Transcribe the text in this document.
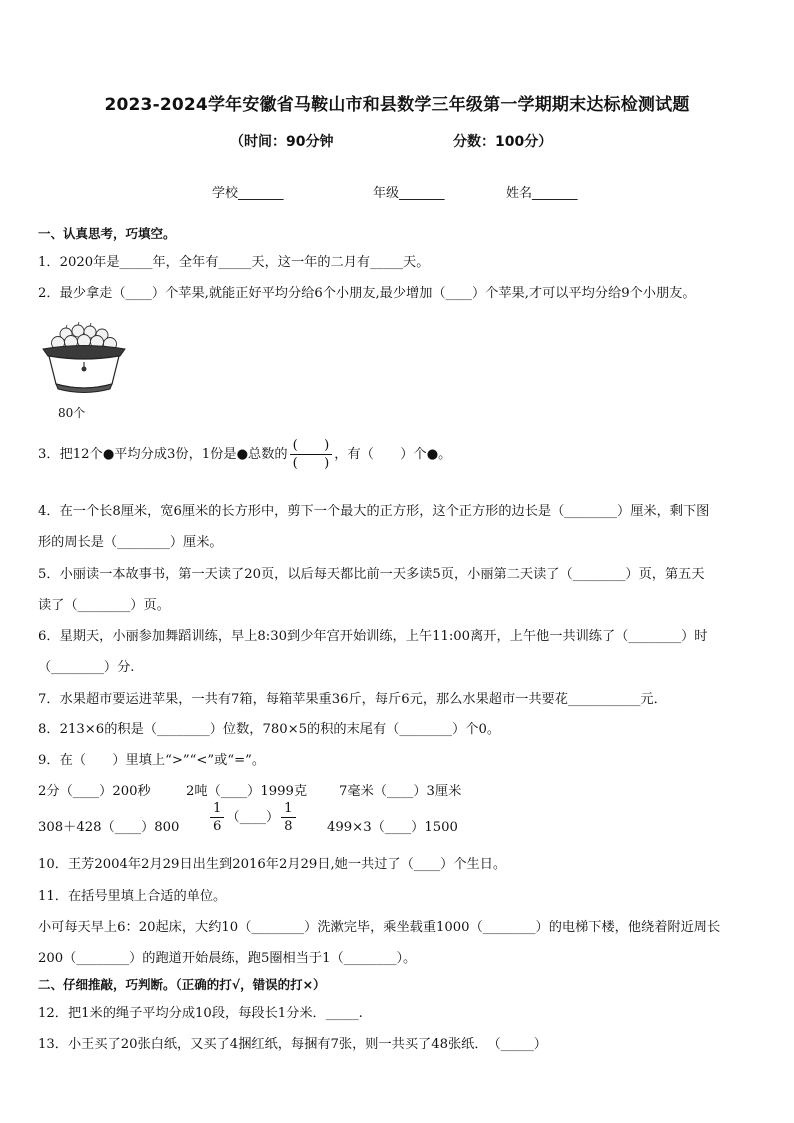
2023-2024学年安徽省马鞍山市和县数学三年级第一学期期末达标检测试题
（时间：90分钟	分数：100分）
学校_______	年级_______	姓名_______
一、认真思考，巧填空。
1．2020年是_____年，全年有_____天，这一年的二月有_____天。
2．最少拿走（____）个苹果,就能正好平均分给6个小朋友,最少增加（____）个苹果,才可以平均分给9个小朋友。
80个
3．把12个●平均分成3份，1份是●总数的 $\frac{( )}{( )}$ ，有（　　）个●。
4．在一个长8厘米，宽6厘米的长方形中，剪下一个最大的正方形，这个正方形的边长是（________）厘米，剩下图
形的周长是（________）厘米。
5．小丽读一本故事书，第一天读了20页，以后每天都比前一天多读5页，小丽第二天读了（________）页，第五天
读了（________）页。
6．星期天，小丽参加舞蹈训练，早上8:30到少年宫开始训练，上午11:00离开，上午他一共训练了（________）时
（________）分.
7．水果超市要运进苹果，一共有7箱，每箱苹果重36斤，每斤6元，那么水果超市一共要花___________元．
8．213×6的积是（________）位数，780×5的积的末尾有（________）个0。
9．在（　　）里填上“>”“<”或“=”。
2分（____）200秒	2吨（____）1999克 7毫米（____）3厘米
308＋428（____）800 $\frac{1}{6}$ （____） $\frac{1}{8}$ 499×3（____）1500
10．王芳2004年2月29日出生到2016年2月29日,她一共过了（____）个生日。
11．在括号里填上合适的单位。
小可每天早上6：20起床，大约10（________）洗漱完毕，乘坐载重1000（________）的电梯下楼，他绕着附近周长
200（________）的跑道开始晨练，跑5圈相当于1（________）。
二、仔细推敲，巧判断。（正确的打√，错误的打×）
12．把1米的绳子平均分成10段，每段长1分米．_____.
13．小王买了20张白纸，又买了4捆红纸，每捆有7张，则一共买了48张纸．　（_____）
